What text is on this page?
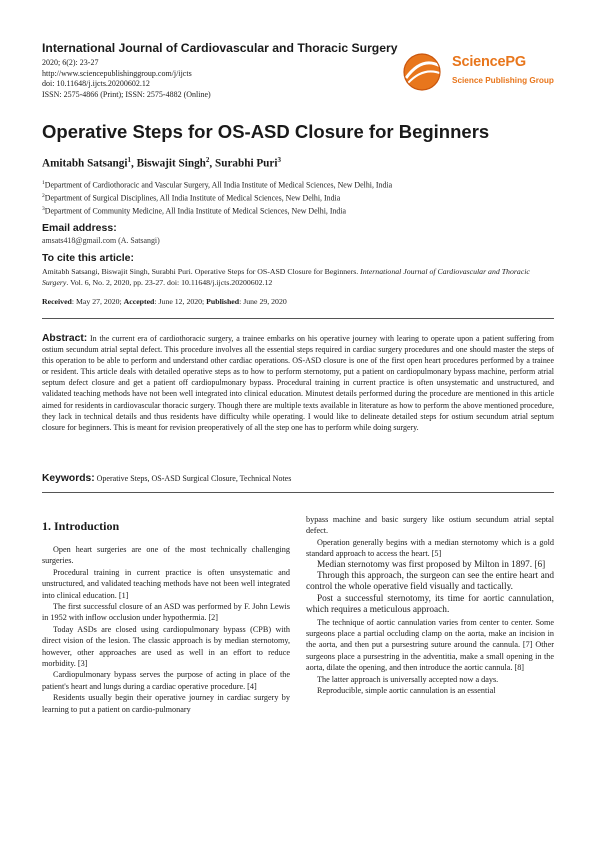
International Journal of Cardiovascular and Thoracic Surgery
2020; 6(2): 23-27
http://www.sciencepublishinggroup.com/j/ijcts
doi: 10.11648/j.ijcts.20200602.12
ISSN: 2575-4866 (Print); ISSN: 2575-4882 (Online)
SciencePG
Science Publishing Group
Operative Steps for OS-ASD Closure for Beginners
Amitabh Satsangi$^1$, Biswajit Singh$^2$, Surabhi Puri$^3$
$^1$Department of Cardiothoracic and Vascular Surgery, All India Institute of Medical Sciences, New Delhi, India
$^2$Department of Surgical Disciplines, All India Institute of Medical Sciences, New Delhi, India
$^3$Department of Community Medicine, All India Institute of Medical Sciences, New Delhi, India
Email address:
amsats418@gmail.com (A. Satsangi)
To cite this article:
Amitabh Satsangi, Biswajit Singh, Surabhi Puri. Operative Steps for OS-ASD Closure for Beginners. International Journal of Cardiovascular and Thoracic Surgery. Vol. 6, No. 2, 2020, pp. 23-27. doi: 10.11648/j.ijcts.20200602.12
Received: May 27, 2020; Accepted: June 12, 2020; Published: June 29, 2020
Abstract: In the current era of cardiothoracic surgery, a trainee embarks on his operative journey with learing to operate upon a patient suffering from ostium secundum atrial septal defect. This procedure involves all the essential steps required in cardiac surgery procedures and one should master the steps of this operation to be able to perform and understand other cardiac operations. OS-ASD closure is one of the first open heart procedures performed by a trainee or resident. This article deals with detailed operative steps as to how to perform sternotomy, put a patient on cardiopulmonary bypass machine, perform atrial septum defect closure and get a patient off cardiopulmonary bypass. Procedural training in current practice is often unsystematic and unstructured, and validated teaching methods have not been well integrated into clinical education. Minutest details performed during the procedure are mentioned in this article aimed for residents in cardiovascular thoracic surgery. Though there are multiple texts available in literature as how to perform the above mentioned procedure, they lack in technical details and thus residents have difficulty while operating. I would like to delineate detailed steps for ostium secundum atrial septum closure for beginners. This is meant for revision preoperatively of all the step one has to perform while doing surgery.
Keywords: Operative Steps, OS-ASD Surgical Closure, Technical Notes
1. Introduction

Open heart surgeries are one of the most technically challenging surgeries.

Procedural training in current practice is often unsystematic and unstructured, and validated teaching methods have not been well integrated into clinical education. [1]

The first successful closure of an ASD was performed by F. John Lewis in 1952 with inflow occlusion under hypothermia. [2]

Today ASDs are closed using cardiopulmonary bypass (CPB) with direct vision of the lesion. The classic approach is by median sternotomy, however, other approaches are used as well in an effort to reduce morbidity. [3]

Cardiopulmonary bypass serves the purpose of acting in place of the patient's heart and lungs during a cardiac operative procedure. [4]

Residents usually begin their operative journey in cardiac surgery by learning to put a patient on cardio-pulmonary

bypass machine and basic surgery like ostium secundum atrial septal defect.

Operation generally begins with a median sternotomy which is a gold standard approach to access the heart. [5]

Median sternotomy was first proposed by Milton in 1897. [6]

Through this approach, the surgeon can see the entire heart and control the whole operative field visually and tactically.

Post a successful sternotomy, its time for aortic cannulation, which requires a meticulous approach.

The technique of aortic cannulation varies from center to center. Some surgeons place a partial occluding clamp on the aorta, make an incision in the aorta, and then put a pursestring suture around the cannula. [7] Other surgeons place a pursestring in the adventitia, make a small opening in the aorta, dilate the opening, and then introduce the aortic cannula. [8]

The latter approach is universally accepted now a days.

Reproducible, simple aortic cannulation is an essential
